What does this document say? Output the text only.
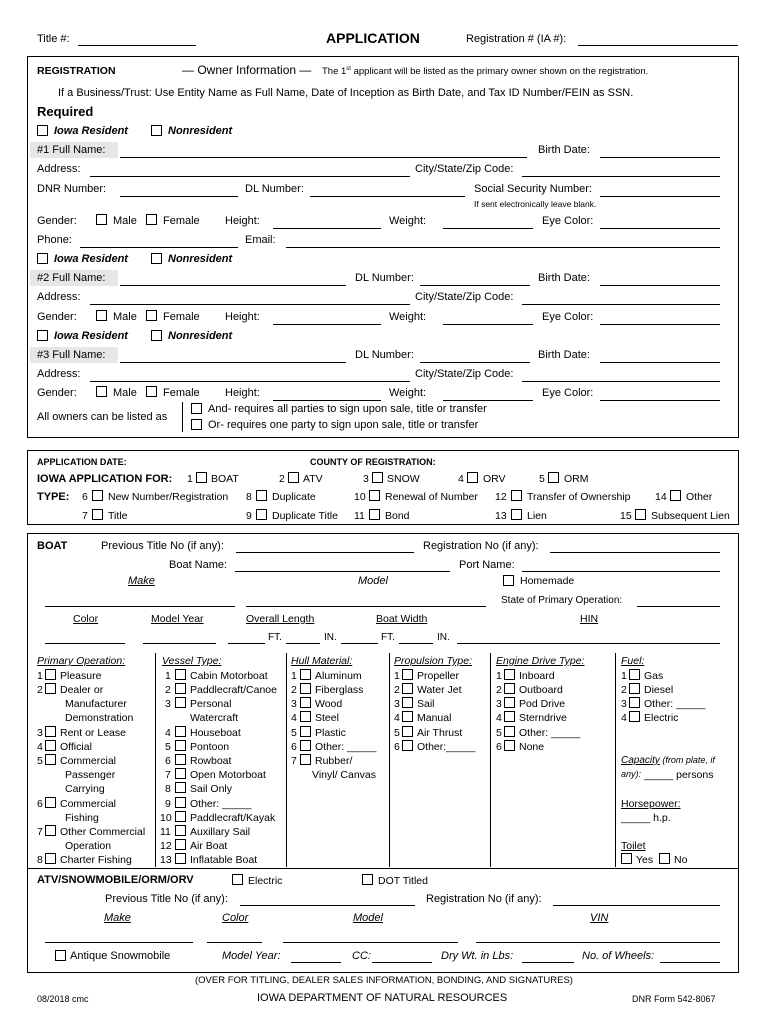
Title #:	APPLICATION	Registration # (IA #):
REGISTRATION	— Owner Information — The 1st applicant will be listed as the primary owner shown on the registration.
If a Business/Trust: Use Entity Name as Full Name, Date of Inception as Birth Date, and Tax ID Number/FEIN as SSN.
Required
Iowa Resident	Nonresident
#1 Full Name:	Birth Date:
Address:	City/State/Zip Code:
DNR Number:	DL Number:	Social Security Number:
If sent electronically leave blank.
Gender:	Male Female Height:	Weight:	Eye Color:
Phone:	Email:
Iowa Resident	Nonresident
#2 Full Name:	DL Number:	Birth Date:
Address:	City/State/Zip Code:
Gender:	Male Female Height:	Weight:	Eye Color:
Iowa Resident	Nonresident
#3 Full Name:	DL Number:	Birth Date:
Address:	City/State/Zip Code:
Gender:	Male Female Height:	Weight:	Eye Color:
All owners can be listed as
And- requires all parties to sign upon sale, title or transfer
Or- requires one party to sign upon sale, title or transfer
APPLICATION DATE:	COUNTY OF REGISTRATION:
IOWA APPLICATION FOR: 1 BOAT	2 ATV	3 SNOW	4 ORV	5 ORM
TYPE: 6 New Number/Registration 8 Duplicate	10 Renewal of Number 12 Transfer of Ownership 14 Other
7 Title	9 Duplicate Title 11 Bond	13 Lien	15 Subsequent Lien
BOAT	Previous Title No (if any):	Registration No (if any):
Boat Name:	Port Name:
Make	Model	Homemade
State of Primary Operation:
Color	Model Year	Overall Length	Boat Width	HIN
FT.	IN.	FT.	IN.
Primary Operation:
1 Pleasure
2 Dealer or
Manufacturer
Demonstration
3 Rent or Lease
4 Official
5 Commercial
Passenger
Carrying
6 Commercial
Fishing
7 Other Commercial
Operation
8 Charter Fishing
Vessel Type:
1 Cabin Motorboat
2 Paddlecraft/Canoe
3 Personal
Watercraft
4 Houseboat
5 Pontoon
6 Rowboat
7 Open Motorboat
8 Sail Only
9 Other: _____
10 Paddlecraft/Kayak
11 Auxillary Sail
12 Air Boat
13 Inflatable Boat
Hull Material:
1 Aluminum
2 Fiberglass
3 Wood
4 Steel
5 Plastic
6 Other: _____
7 Rubber/
Vinyl/ Canvas
Propulsion Type:
1 Propeller
2 Water Jet
3 Sail
4 Manual
5 Air Thrust
6 Other:_____
Engine Drive Type:
1 Inboard
2 Outboard
3 Pod Drive
4 Sterndrive
5 Other: _____
6 None
Fuel:
1 Gas
2 Diesel
3 Other: _____
4 Electric
Capacity (from plate, if
any): _____ persons
Horsepower:
_____ h.p.
Toilet
Yes No
ATV/SNOWMOBILE/ORM/ORV	Electric	DOT Titled
Previous Title No (if any):	Registration No (if any):
Make	Color	Model	VIN
Antique Snowmobile	Model Year:	CC:	Dry Wt. in Lbs:	No. of Wheels:
(OVER FOR TITLING, DEALER SALES INFORMATION, BONDING, AND SIGNATURES)
08/2018 cmc	IOWA DEPARTMENT OF NATURAL RESOURCES	DNR Form 542-8067
